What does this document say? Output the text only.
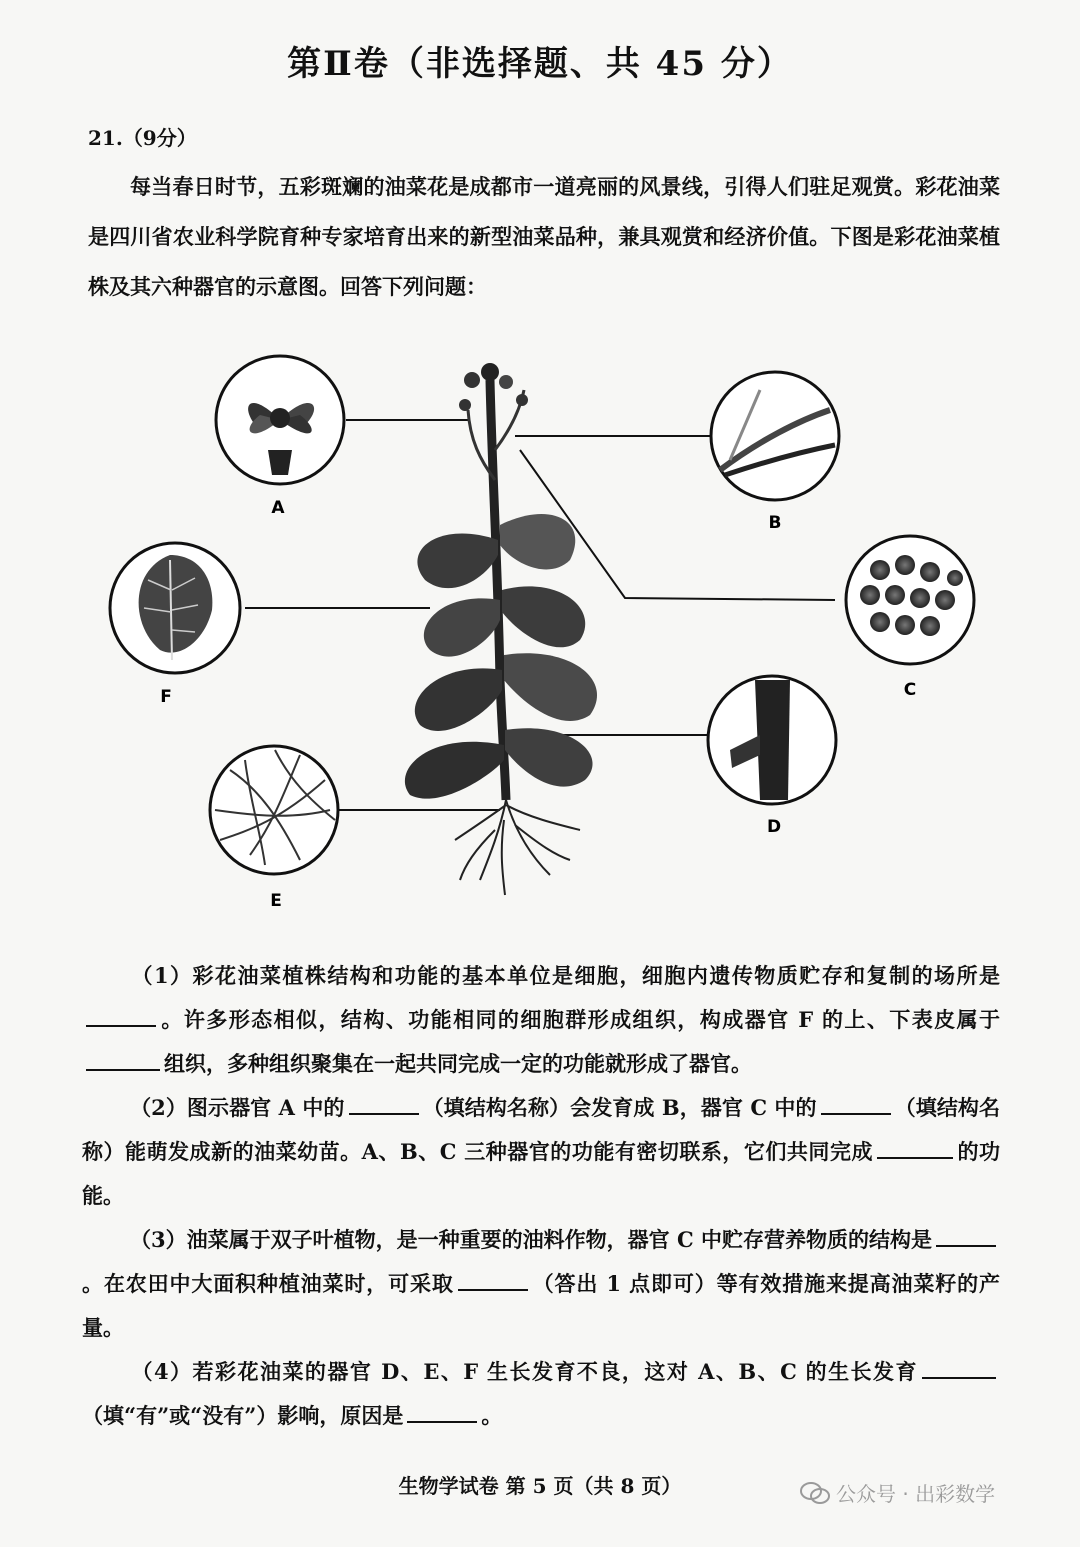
第Ⅱ卷（非选择题、共 45 分）
21.（9分）
每当春日时节，五彩斑斓的油菜花是成都市一道亮丽的风景线，引得人们驻足观赏。彩花油菜是四川省农业科学院育种专家培育出来的新型油菜品种，兼具观赏和经济价值。下图是彩花油菜植株及其六种器官的示意图。回答下列问题：
A
B
C
F
D
E
（1）彩花油菜植株结构和功能的基本单位是细胞，细胞内遗传物质贮存和复制的场所是。许多形态相似，结构、功能相同的细胞群形成组织，构成器官 F 的上、下表皮属于组织，多种组织聚集在一起共同完成一定的功能就形成了器官。
（2）图示器官 A 中的	（填结构名称）会发育成 B，器官 C 中的	（填结构名称）能萌发成新的油菜幼苗。A、B、C 三种器官的功能有密切联系，它们共同完成	的功能。
（3）油菜属于双子叶植物，是一种重要的油料作物，器官 C 中贮存营养物质的结构是。在农田中大面积种植油菜时，可采取	（答出 1 点即可）等有效措施来提高油菜籽的产量。
（4）若彩花油菜的器官 D、E、F 生长发育不良，这对 A、B、C 的生长发育（填“有”或“没有”）影响，原因是	。
生物学试卷 第 5 页（共 8 页）	公众号 · 出彩数学
